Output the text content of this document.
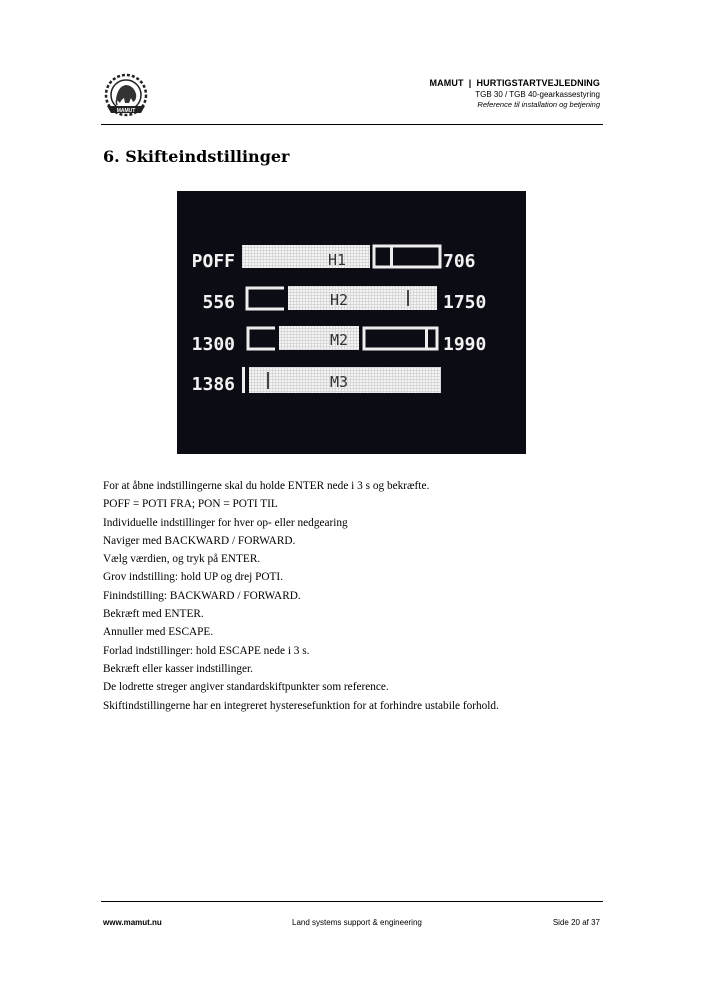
MAMUT
MAMUT  |  HURTIGSTARTVEJLEDNING
TGB 30 / TGB 40-gearkassestyring
Reference til installation og betjening
6. Skifteindstillinger
POFF	H1	706
556	H2	1750
1300	M2	1990
1386	M3
For at åbne indstillingerne skal du holde ENTER nede i 3 s og bekræfte.
POFF = POTI FRA; PON = POTI TIL
Individuelle indstillinger for hver op- eller nedgearing
Naviger med BACKWARD / FORWARD.
Vælg værdien, og tryk på ENTER.
Grov indstilling: hold UP og drej POTI.
Finindstilling: BACKWARD / FORWARD.
Bekræft med ENTER.
Annuller med ESCAPE.
Forlad indstillinger: hold ESCAPE nede i 3 s.
Bekræft eller kasser indstillinger.
De lodrette streger angiver standardskiftpunkter som reference.
Skiftindstillingerne har en integreret hysteresefunktion for at forhindre ustabile forhold.
www.mamut.nu	Land systems support & engineering	Side 20 af 37
